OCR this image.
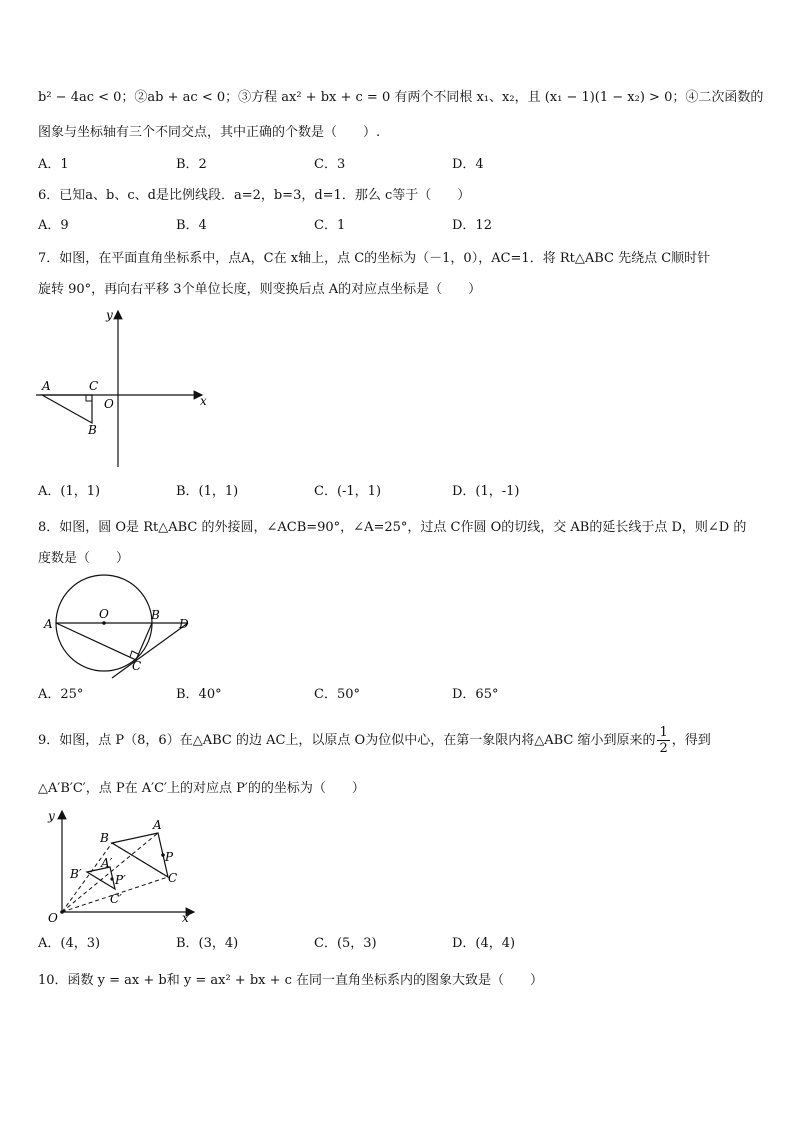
b² − 4ac < 0；②ab + ac < 0；③方程 ax² + bx + c = 0 有两个不同根 x₁、x₂，且 (x₁ − 1)(1 − x₂) > 0；④二次函数的
图象与坐标轴有三个不同交点，其中正确的个数是（　　）.
A．1	B．2	C．3	D．4
6．已知a、b、c、d是比例线段．a=2，b=3，d=1．那么 c等于（　　）
A．9	B．4	C．1	D．12
7．如图，在平面直角坐标系中，点A，C在 x轴上，点 C的坐标为（－1，0），AC=1．将 Rt△ABC 先绕点 C顺时针
旋转 90°，再向右平移 3个单位长度，则变换后点 A的对应点坐标是（　　）
A	C
B
O	x
y
A．(1，1)	B．(1，1)	C．(-1，1)	D．(1，-1)
8．如图，圆 O是 Rt△ABC 的外接圆，∠ACB=90°，∠A=25°，过点 C作圆 O的切线，交 AB的延长线于点 D，则∠D 的
度数是（　　）
A
O	B
D
C
A．25°	B．40°	C．50°	D．65°
9．如图，点 P（8，6）在△ABC 的边 AC上，以原点 O为位似中心，在第一象限内将△ABC 缩小到原来的 $\frac{1}{2}$ ，得到
△A′B′C′，点 P在 A′C′上的对应点 P′的的坐标为（　　）
B
A
P
C
A′
B′	P′
C′
O	x
y
A．(4，3)	B．(3，4)	C．(5，3)	D．(4，4)
10．函数 y = ax + b和 y = ax² + bx + c 在同一直角坐标系内的图象大致是（　　）
